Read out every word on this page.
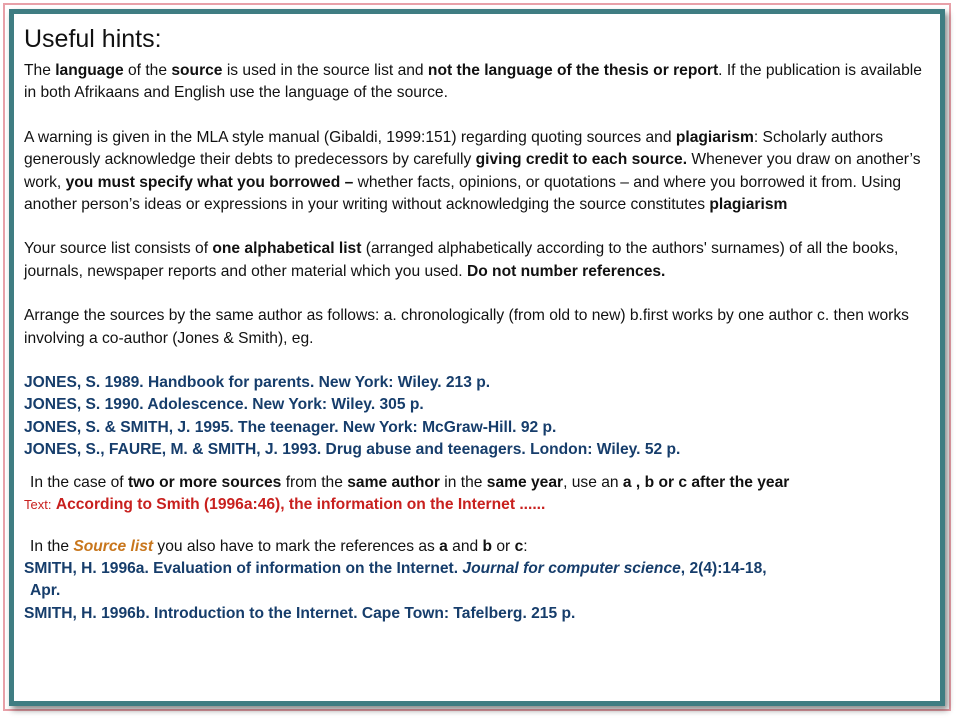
Useful hints:

The language of the source is used in the source list and not the language of the thesis or report. If the publication is available in both Afrikaans and English use the language of the source.

A warning is given in the MLA style manual (Gibaldi, 1999:151) regarding quoting sources and plagiarism: Scholarly authors generously acknowledge their debts to predecessors by carefully giving credit to each source. Whenever you draw on another’s work, you must specify what you borrowed – whether facts, opinions, or quotations – and where you borrowed it from. Using another person’s ideas or expressions in your writing without acknowledging the source constitutes plagiarism

Your source list consists of one alphabetical list (arranged alphabetically according to the authors' surnames) of all the books, journals, newspaper reports and other material which you used. Do not number references.

Arrange the sources by the same author as follows: a. chronologically (from old to new) b.first works by one author c. then works involving a co-author (Jones & Smith), eg.

JONES, S. 1989. Handbook for parents. New York: Wiley. 213 p.
JONES, S. 1990. Adolescence. New York: Wiley. 305 p.
JONES, S. & SMITH, J. 1995. The teenager. New York: McGraw-Hill. 92 p.
JONES, S., FAURE, M. & SMITH, J. 1993. Drug abuse and teenagers. London: Wiley. 52 p.

In the case of two or more sources from the same author in the same year, use an a , b or c after the year

Text: According to Smith (1996a:46), the information on the Internet ......

In the Source list you also have to mark the references as a and b or c:

SMITH, H. 1996a. Evaluation of information on the Internet. Journal for computer science, 2(4):14-18,
Apr.
SMITH, H. 1996b. Introduction to the Internet. Cape Town: Tafelberg. 215 p.
